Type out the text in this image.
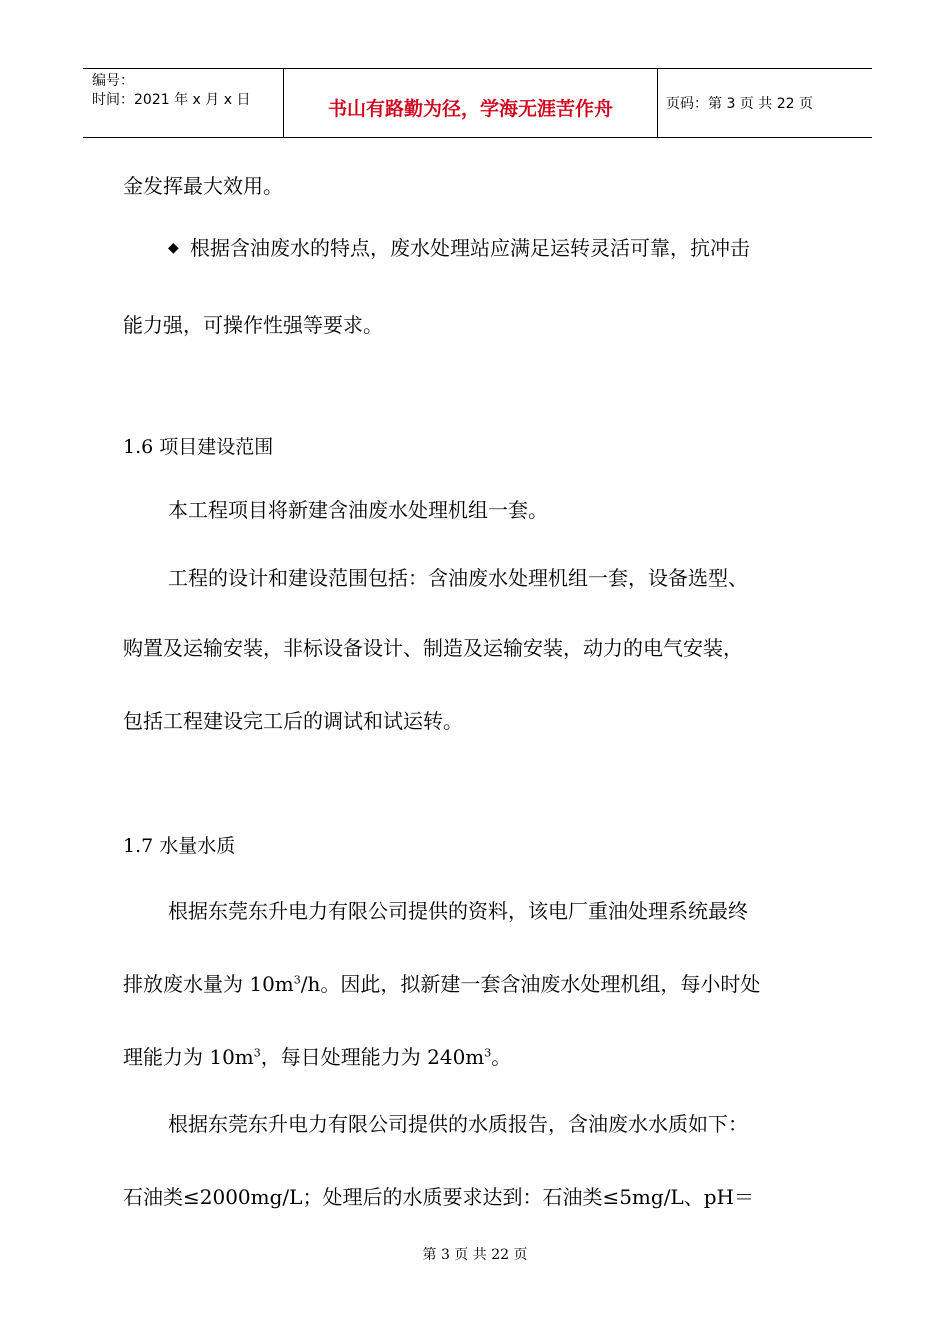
编号：
时间：2021 年 x 月 x 日	书山有路勤为径，学海无涯苦作舟	页码：第 3 页 共 22 页
金发挥最大效用。
◆ 根据含油废水的特点，废水处理站应满足运转灵活可靠，抗冲击
能力强，可操作性强等要求。
1.6 项目建设范围
本工程项目将新建含油废水处理机组一套。
工程的设计和建设范围包括：含油废水处理机组一套，设备选型、
购置及运输安装，非标设备设计、制造及运输安装，动力的电气安装，
包括工程建设完工后的调试和试运转。
1.7 水量水质
根据东莞东升电力有限公司提供的资料，该电厂重油处理系统最终
排放废水量为 $10m^3/h$。因此，拟新建一套含油废水处理机组，每小时处
理能力为 $10m^3$，每日处理能力为 $240m^3$。
根据东莞东升电力有限公司提供的水质报告，含油废水水质如下：
石油类≤2000mg/L；处理后的水质要求达到：石油类≤5mg/L、pH＝
第 3 页 共 22 页
